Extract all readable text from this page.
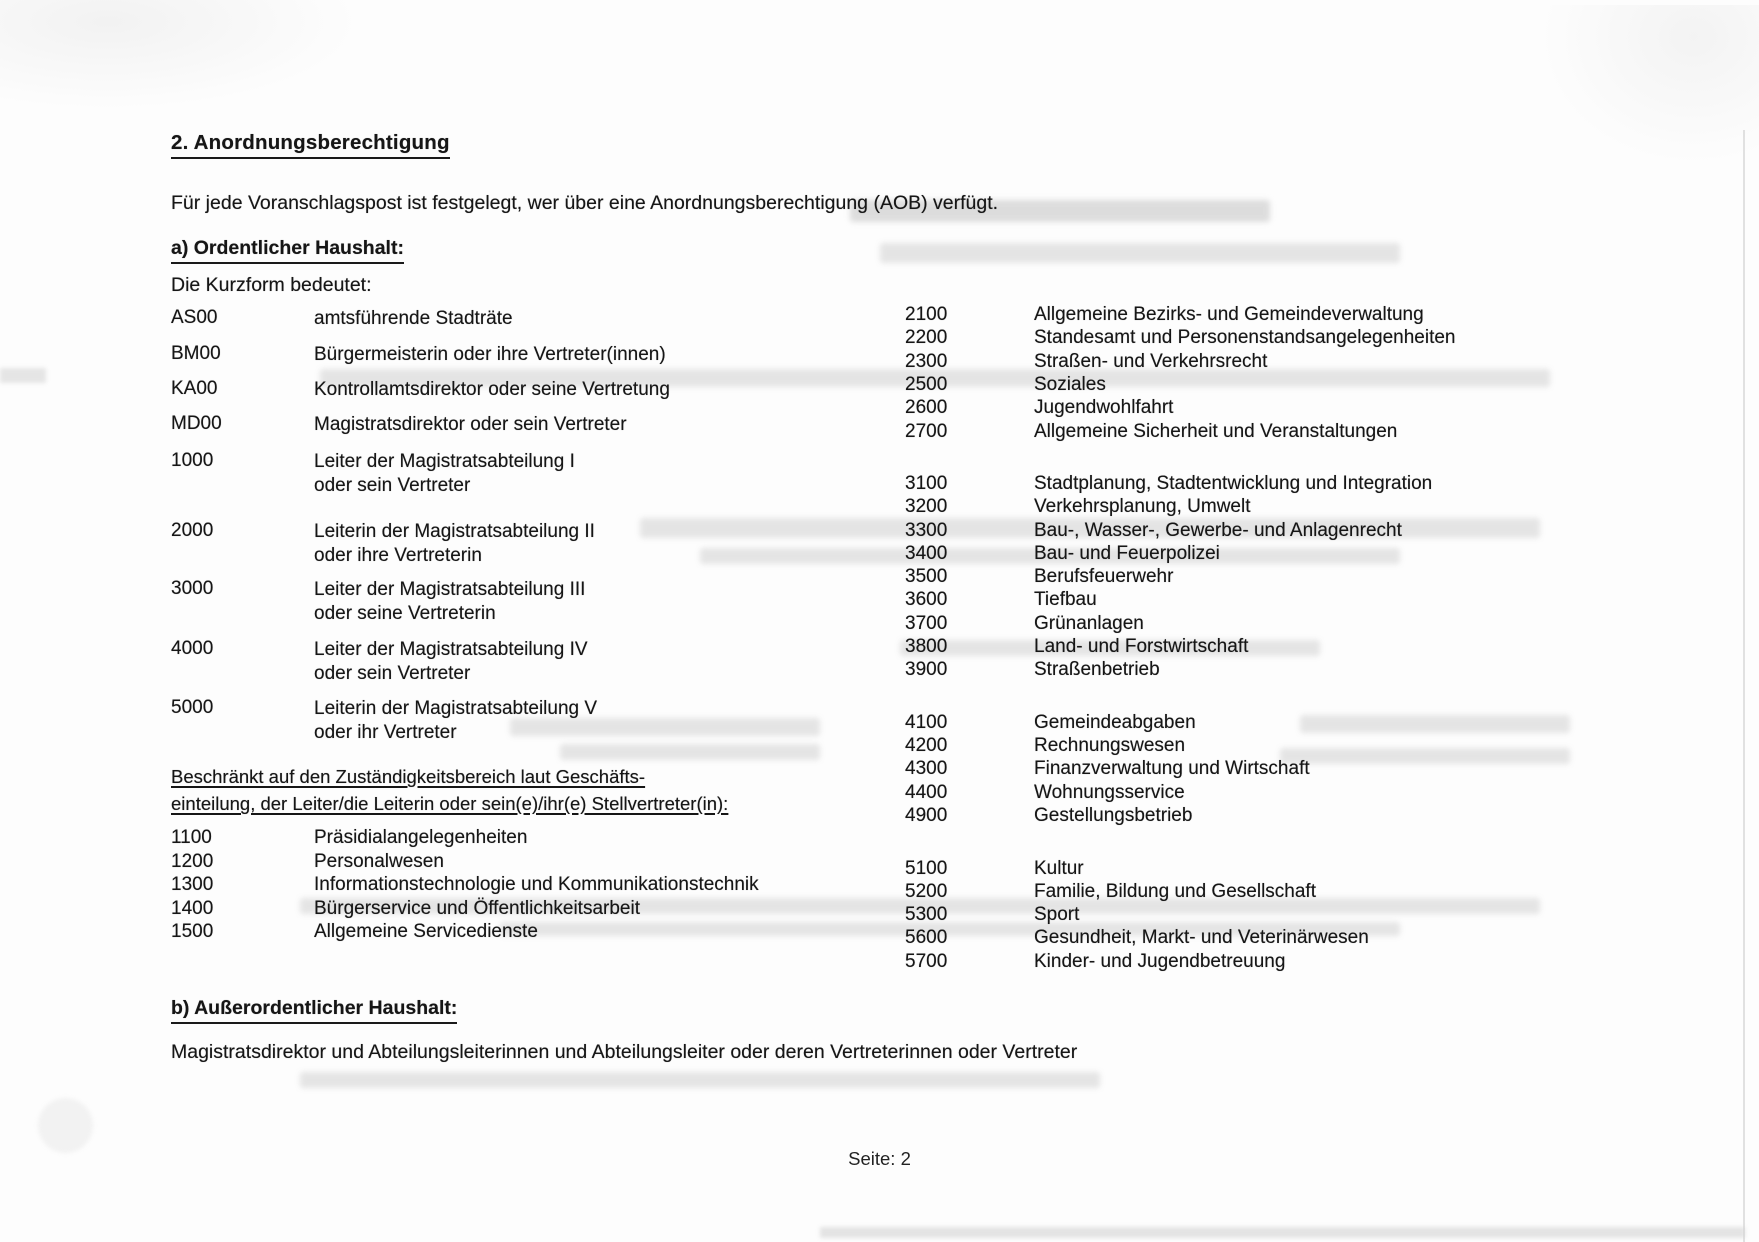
2. Anordnungsberechtigung
Für jede Voranschlagspost ist festgelegt, wer über eine Anordnungsberechtigung (AOB) verfügt.
a) Ordentlicher Haushalt:
Die Kurzform bedeutet:
AS00	amtsführende Stadträte
BM00	Bürgermeisterin oder ihre Vertreter(innen)
KA00	Kontrollamtsdirektor oder seine Vertretung
MD00	Magistratsdirektor oder sein Vertreter
1000	Leiter der Magistratsabteilung I
oder sein Vertreter
2000	Leiterin der Magistratsabteilung II
oder ihre Vertreterin
3000	Leiter der Magistratsabteilung III
oder seine Vertreterin
4000	Leiter der Magistratsabteilung IV
oder sein Vertreter
5000	Leiterin der Magistratsabteilung V
oder ihr Vertreter
Beschränkt auf den Zuständigkeitsbereich laut Geschäfts-
einteilung, der Leiter/die Leiterin oder sein(e)/ihr(e) Stellvertreter(in):
1100	Präsidialangelegenheiten
1200	Personalwesen
1300	Informationstechnologie und Kommunikationstechnik
1400	Bürgerservice und Öffentlichkeitsarbeit
1500	Allgemeine Servicedienste
2100	Allgemeine Bezirks- und Gemeindeverwaltung
2200	Standesamt und Personenstandsangelegenheiten
2300	Straßen- und Verkehrsrecht
2500	Soziales
2600	Jugendwohlfahrt
2700	Allgemeine Sicherheit und Veranstaltungen
3100	Stadtplanung, Stadtentwicklung und Integration
3200	Verkehrsplanung, Umwelt
3300	Bau-, Wasser-, Gewerbe- und Anlagenrecht
3400	Bau- und Feuerpolizei
3500	Berufsfeuerwehr
3600	Tiefbau
3700	Grünanlagen
3800	Land- und Forstwirtschaft
3900	Straßenbetrieb
4100	Gemeindeabgaben
4200	Rechnungswesen
4300	Finanzverwaltung und Wirtschaft
4400	Wohnungsservice
4900	Gestellungsbetrieb
5100	Kultur
5200	Familie, Bildung und Gesellschaft
5300	Sport
5600	Gesundheit, Markt- und Veterinärwesen
5700	Kinder- und Jugendbetreuung
b) Außerordentlicher Haushalt:
Magistratsdirektor und Abteilungsleiterinnen und Abteilungsleiter oder deren Vertreterinnen oder Vertreter
Seite: 2
